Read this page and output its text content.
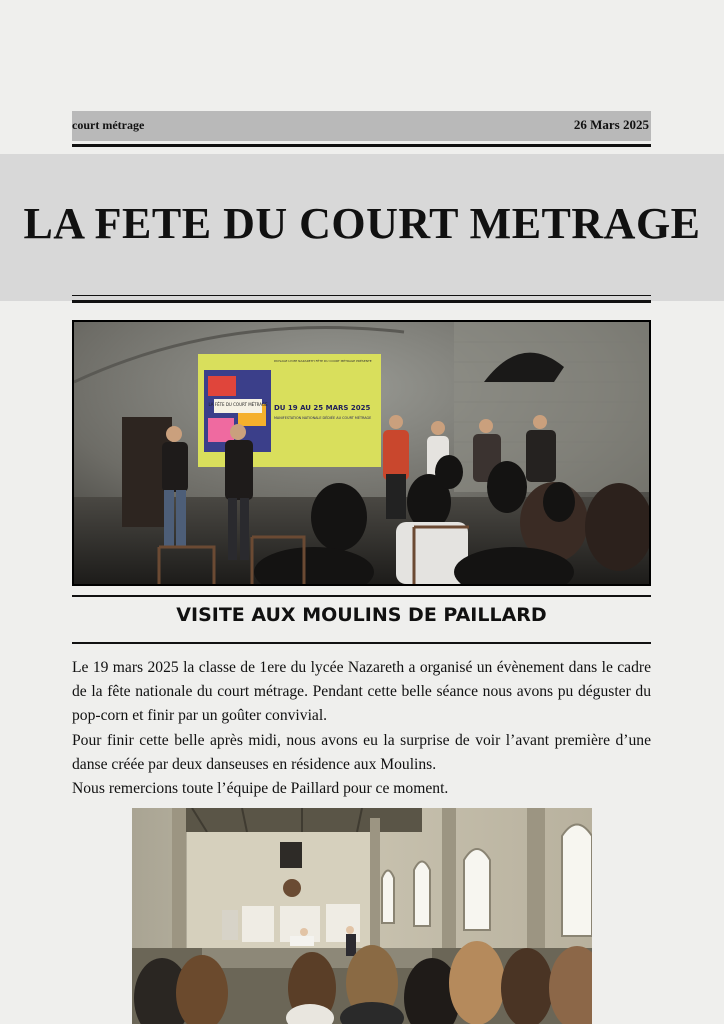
court métrage	26 Mars 2025
LA FETE DU COURT METRAGE
LA FÊTE DU COURT MÉTRAGE
PAYSAGE LYCEE NAZARETH FÊTE DU COURT MÉTRAGE PRÉSENTE
DU 19 AU 25 MARS 2025
MANIFESTATION NATIONALE DÉDIÉE AU COURT MÉTRAGE
VISITE AUX MOULINS DE PAILLARD

Le 19 mars 2025 la classe de 1ere du lycée Nazareth a organisé un évènement dans le cadre de la fête nationale du court métrage. Pendant cette belle séance nous avons pu déguster du pop-corn et finir par un goûter convivial.

Pour finir cette belle après midi, nous avons eu la surprise de voir l’avant première d’une danse créée par deux danseuses en résidence aux Moulins.

Nous remercions toute l’équipe de Paillard pour ce moment.
